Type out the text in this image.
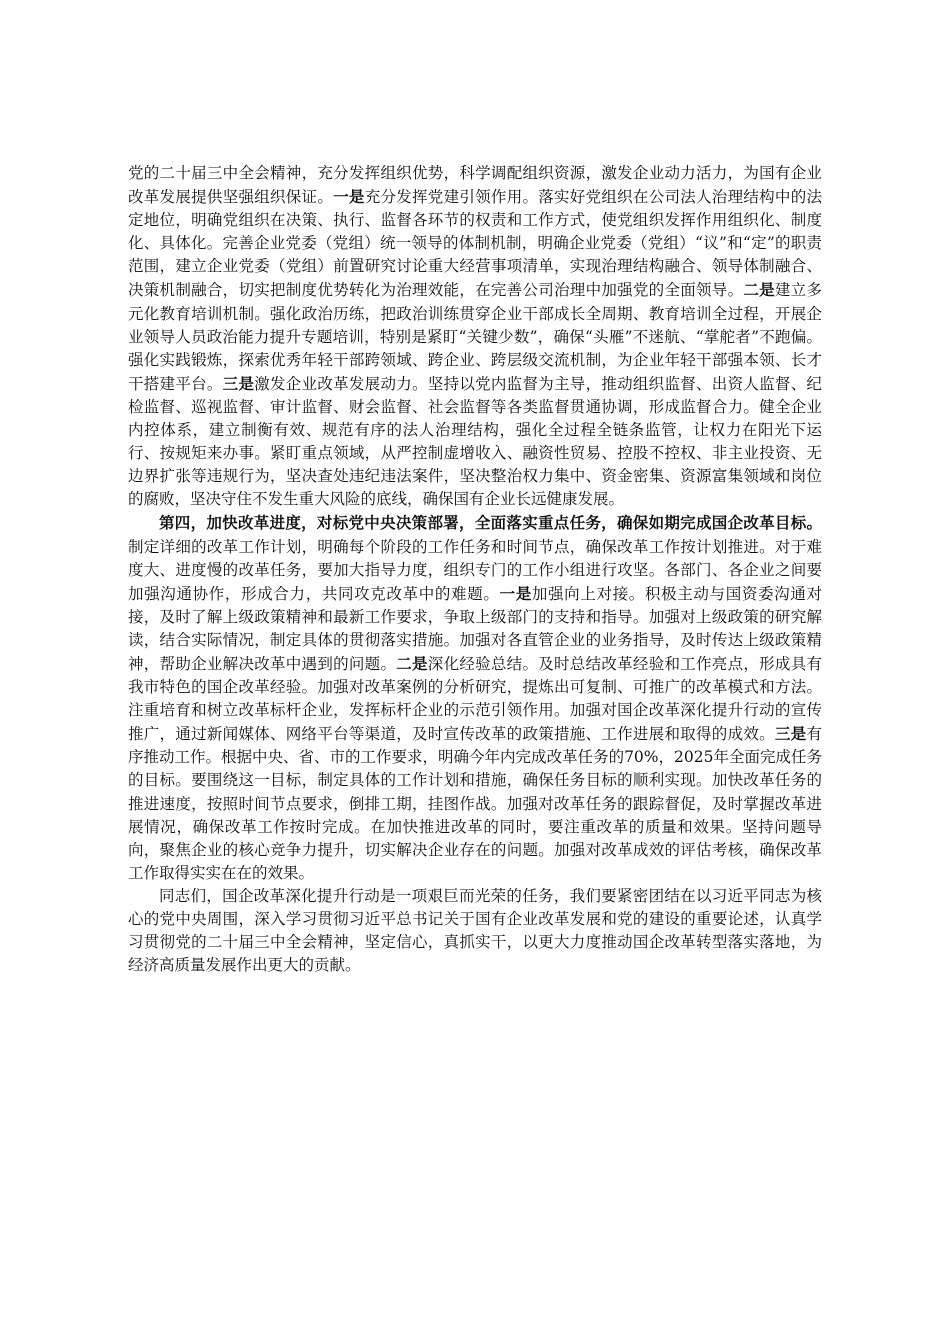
党的二十届三中全会精神，充分发挥组织优势，科学调配组织资源，激发企业动力活力，为国有企业改革发展提供坚强组织保证。一是充分发挥党建引领作用。落实好党组织在公司法人治理结构中的法定地位，明确党组织在决策、执行、监督各环节的权责和工作方式，使党组织发挥作用组织化、制度化、具体化。完善企业党委（党组）统一领导的体制机制，明确企业党委（党组）“议”和“定”的职责范围，建立企业党委（党组）前置研究讨论重大经营事项清单，实现治理结构融合、领导体制融合、决策机制融合，切实把制度优势转化为治理效能，在完善公司治理中加强党的全面领导。二是建立多元化教育培训机制。强化政治历练，把政治训练贯穿企业干部成长全周期、教育培训全过程，开展企业领导人员政治能力提升专题培训，特别是紧盯“关键少数”，确保“头雁”不迷航、“掌舵者”不跑偏。强化实践锻炼，探索优秀年轻干部跨领域、跨企业、跨层级交流机制，为企业年轻干部强本领、长才干搭建平台。三是激发企业改革发展动力。坚持以党内监督为主导，推动组织监督、出资人监督、纪检监督、巡视监督、审计监督、财会监督、社会监督等各类监督贯通协调，形成监督合力。健全企业内控体系，建立制衡有效、规范有序的法人治理结构，强化全过程全链条监管，让权力在阳光下运行、按规矩来办事。紧盯重点领域，从严控制虚增收入、融资性贸易、控股不控权、非主业投资、无边界扩张等违规行为，坚决查处违纪违法案件，坚决整治权力集中、资金密集、资源富集领域和岗位的腐败，坚决守住不发生重大风险的底线，确保国有企业长远健康发展。

第四，加快改革进度，对标党中央决策部署，全面落实重点任务，确保如期完成国企改革目标。制定详细的改革工作计划，明确每个阶段的工作任务和时间节点，确保改革工作按计划推进。对于难度大、进度慢的改革任务，要加大指导力度，组织专门的工作小组进行攻坚。各部门、各企业之间要加强沟通协作，形成合力，共同攻克改革中的难题。一是加强向上对接。积极主动与国资委沟通对接，及时了解上级政策精神和最新工作要求，争取上级部门的支持和指导。加强对上级政策的研究解读，结合实际情况，制定具体的贯彻落实措施。加强对各直管企业的业务指导，及时传达上级政策精神，帮助企业解决改革中遇到的问题。二是深化经验总结。及时总结改革经验和工作亮点，形成具有我市特色的国企改革经验。加强对改革案例的分析研究，提炼出可复制、可推广的改革模式和方法。注重培育和树立改革标杆企业，发挥标杆企业的示范引领作用。加强对国企改革深化提升行动的宣传推广，通过新闻媒体、网络平台等渠道，及时宣传改革的政策措施、工作进展和取得的成效。三是有序推动工作。根据中央、省、市的工作要求，明确今年内完成改革任务的70%，2025年全面完成任务的目标。要围绕这一目标，制定具体的工作计划和措施，确保任务目标的顺利实现。加快改革任务的推进速度，按照时间节点要求，倒排工期，挂图作战。加强对改革任务的跟踪督促，及时掌握改革进展情况，确保改革工作按时完成。在加快推进改革的同时，要注重改革的质量和效果。坚持问题导向，聚焦企业的核心竞争力提升，切实解决企业存在的问题。加强对改革成效的评估考核，确保改革工作取得实实在在的效果。

同志们，国企改革深化提升行动是一项艰巨而光荣的任务，我们要紧密团结在以习近平同志为核心的党中央周围，深入学习贯彻习近平总书记关于国有企业改革发展和党的建设的重要论述，认真学习贯彻党的二十届三中全会精神，坚定信心，真抓实干，以更大力度推动国企改革转型落实落地，为经济高质量发展作出更大的贡献。
